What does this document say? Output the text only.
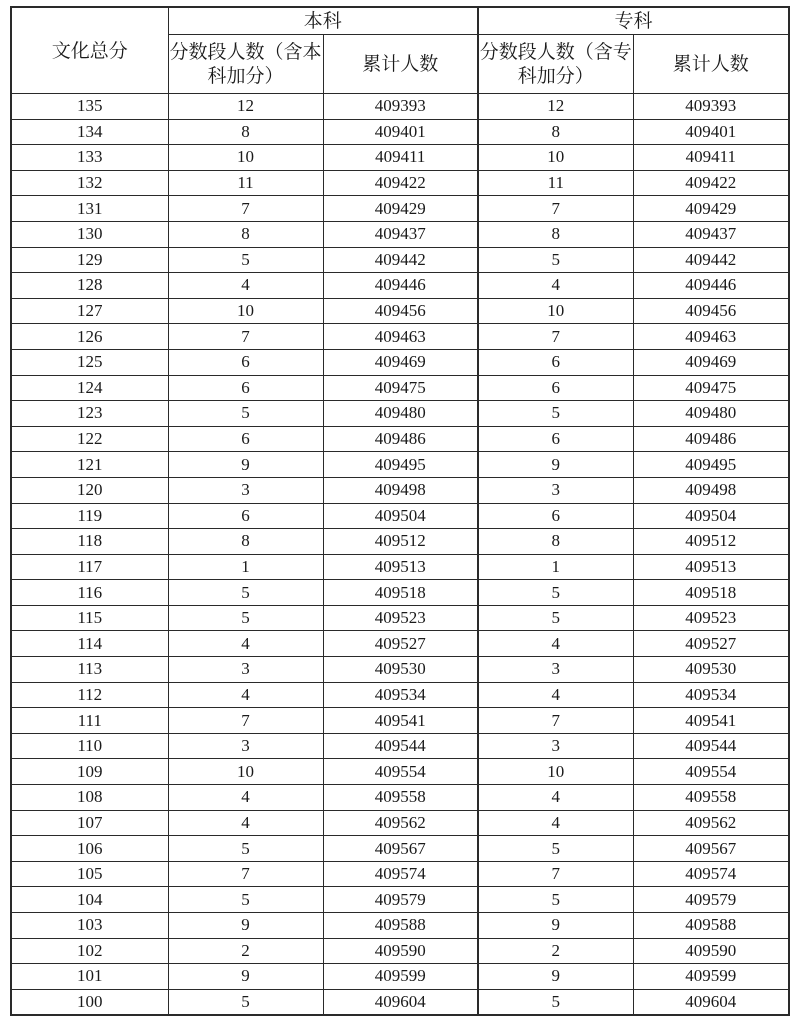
文化总分	本科		专科	
	分数段人数（含本科加分）	累计人数	分数段人数（含专科加分）	累计人数
135	12	409393	12	409393
134	8	409401	8	409401
133	10	409411	10	409411
132	11	409422	11	409422
131	7	409429	7	409429
130	8	409437	8	409437
129	5	409442	5	409442
128	4	409446	4	409446
127	10	409456	10	409456
126	7	409463	7	409463
125	6	409469	6	409469
124	6	409475	6	409475
123	5	409480	5	409480
122	6	409486	6	409486
121	9	409495	9	409495
120	3	409498	3	409498
119	6	409504	6	409504
118	8	409512	8	409512
117	1	409513	1	409513
116	5	409518	5	409518
115	5	409523	5	409523
114	4	409527	4	409527
113	3	409530	3	409530
112	4	409534	4	409534
111	7	409541	7	409541
110	3	409544	3	409544
109	10	409554	10	409554
108	4	409558	4	409558
107	4	409562	4	409562
106	5	409567	5	409567
105	7	409574	7	409574
104	5	409579	5	409579
103	9	409588	9	409588
102	2	409590	2	409590
101	9	409599	9	409599
100	5	409604	5	409604
